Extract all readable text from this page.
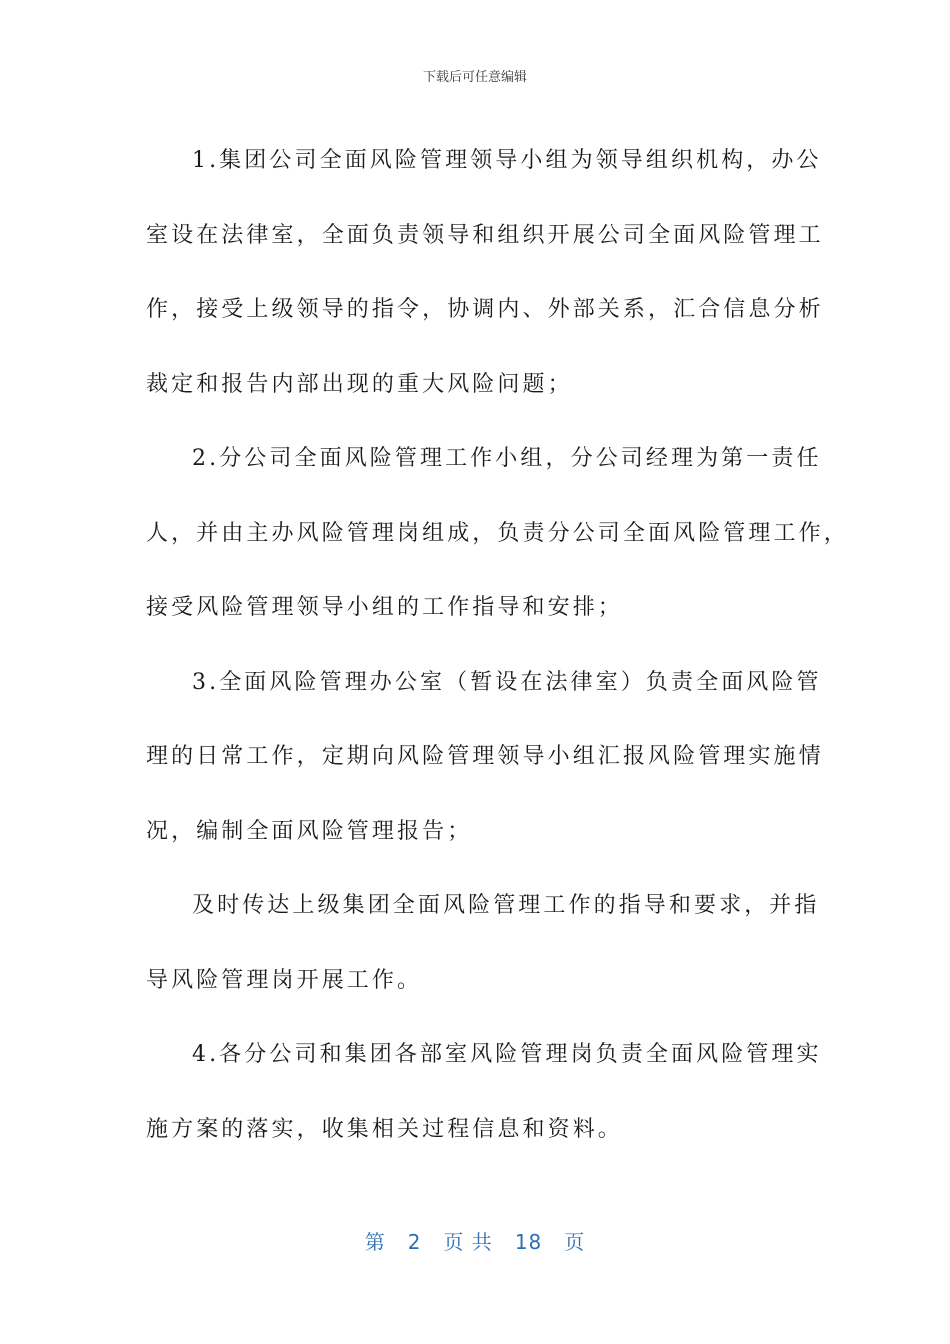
下载后可任意编辑

1.集团公司全面风险管理领导小组为领导组织机构，办公
室设在法律室，全面负责领导和组织开展公司全面风险管理工
作，接受上级领导的指令，协调内、外部关系，汇合信息分析
裁定和报告内部出现的重大风险问题；

2.分公司全面风险管理工作小组，分公司经理为第一责任
人，并由主办风险管理岗组成，负责分公司全面风险管理工作，
接受风险管理领导小组的工作指导和安排；

3.全面风险管理办公室（暂设在法律室）负责全面风险管
理的日常工作，定期向风险管理领导小组汇报风险管理实施情
况，编制全面风险管理报告；

及时传达上级集团全面风险管理工作的指导和要求，并指
导风险管理岗开展工作。

4.各分公司和集团各部室风险管理岗负责全面风险管理实
施方案的落实，收集相关过程信息和资料。

第 2 页 共 18 页
